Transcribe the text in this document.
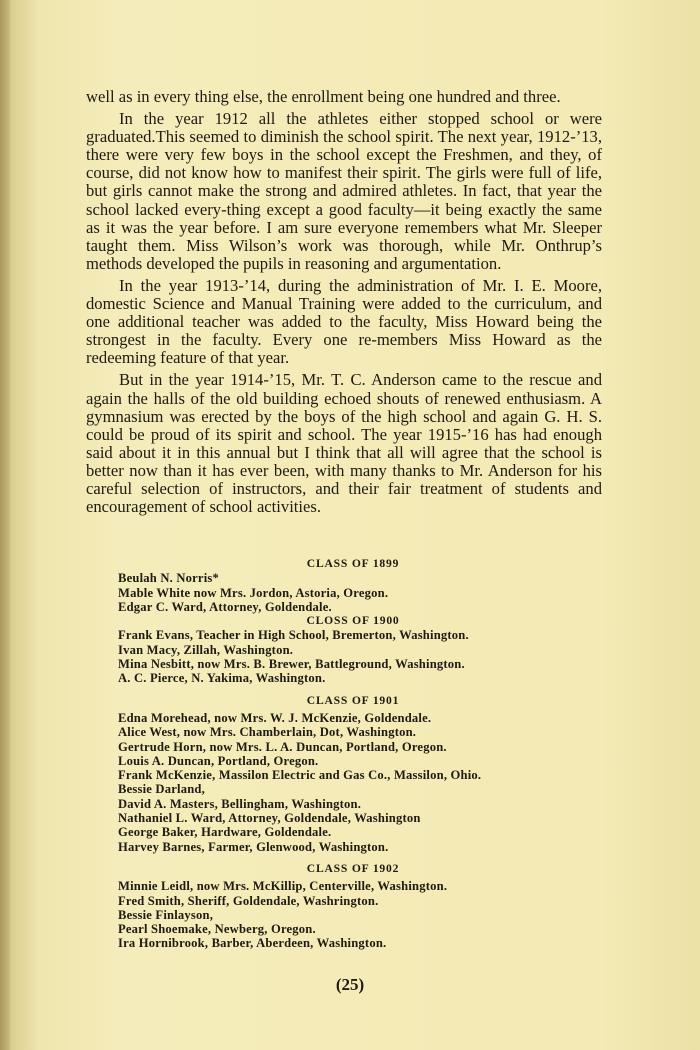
well as in every thing else, the enrollment being one hundred and three.

In the year 1912 all the athletes either stopped school or were graduated.This seemed to diminish the school spirit. The next year, 1912-’13, there were very few boys in the school except the Freshmen, and they, of course, did not know how to manifest their spirit. The girls were full of life, but girls cannot make the strong and admired athletes. In fact, that year the school lacked every-thing except a good faculty—it being exactly the same as it was the year before. I am sure everyone remembers what Mr. Sleeper taught them. Miss Wilson’s work was thorough, while Mr. Onthrup’s methods developed the pupils in reasoning and argumentation.

In the year 1913-’14, during the administration of Mr. I. E. Moore, domestic Science and Manual Training were added to the curriculum, and one additional teacher was added to the faculty, Miss Howard being the strongest in the faculty. Every one re-members Miss Howard as the redeeming feature of that year.

But in the year 1914-’15, Mr. T. C. Anderson came to the rescue and again the halls of the old building echoed shouts of renewed enthusiasm. A gymnasium was erected by the boys of the high school and again G. H. S. could be proud of its spirit and school. The year 1915-’16 has had enough said about it in this annual but I think that all will agree that the school is better now than it has ever been, with many thanks to Mr. Anderson for his careful selection of instructors, and their fair treatment of students and encouragement of school activities.

CLASS OF 1899
Beulah N. Norris*
Mable White now Mrs. Jordon, Astoria, Oregon.
Edgar C. Ward, Attorney, Goldendale.
CLOSS OF 1900
Frank Evans, Teacher in High School, Bremerton, Washington.
Ivan Macy, Zillah, Washington.
Mina Nesbitt, now Mrs. B. Brewer, Battleground, Washington.
A. C. Pierce, N. Yakima, Washington.
CLASS OF 1901
Edna Morehead, now Mrs. W. J. McKenzie, Goldendale.
Alice West, now Mrs. Chamberlain, Dot, Washington.
Gertrude Horn, now Mrs. L. A. Duncan, Portland, Oregon.
Louis A. Duncan, Portland, Oregon.
Frank McKenzie, Massilon Electric and Gas Co., Massilon, Ohio.
Bessie Darland,
David A. Masters, Bellingham, Washington.
Nathaniel L. Ward, Attorney, Goldendale, Washington
George Baker, Hardware, Goldendale.
Harvey Barnes, Farmer, Glenwood, Washington.
CLASS OF 1902
Minnie Leidl, now Mrs. McKillip, Centerville, Washington.
Fred Smith, Sheriff, Goldendale, Washrington.
Bessie Finlayson,
Pearl Shoemake, Newberg, Oregon.
Ira Hornibrook, Barber, Aberdeen, Washington.
(25)
